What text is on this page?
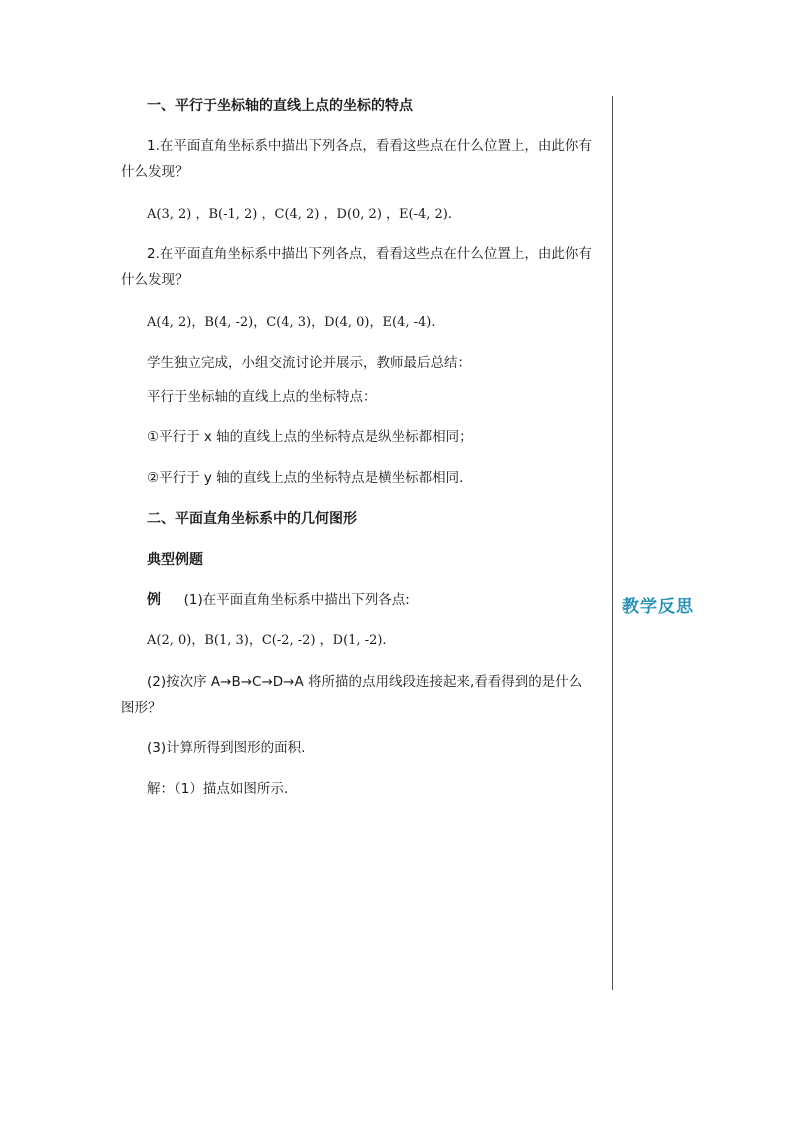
教学反思
一、平行于坐标轴的直线上点的坐标的特点
1.在平面直角坐标系中描出下列各点，看看这些点在什么位置上，由此你有
什么发现？
A(3, 2) ，B(-1, 2) ，C(4, 2) ，D(0, 2) ，E(-4, 2).
2.在平面直角坐标系中描出下列各点，看看这些点在什么位置上，由此你有
什么发现？
A(4, 2)，B(4, -2)，C(4, 3)，D(4, 0)，E(4, -4).
学生独立完成，小组交流讨论并展示，教师最后总结：
平行于坐标轴的直线上点的坐标特点：
①平行于 x 轴的直线上点的坐标特点是纵坐标都相同；
②平行于 y 轴的直线上点的坐标特点是横坐标都相同.
二、平面直角坐标系中的几何图形
典型例题
例 (1)在平面直角坐标系中描出下列各点:
A(2, 0)，B(1, 3)，C(-2, -2) ，D(1, -2).
(2)按次序 A→B→C→D→A 将所描的点用线段连接起来,看看得到的是什么
图形？
(3)计算所得到图形的面积.
解：（1）描点如图所示.
